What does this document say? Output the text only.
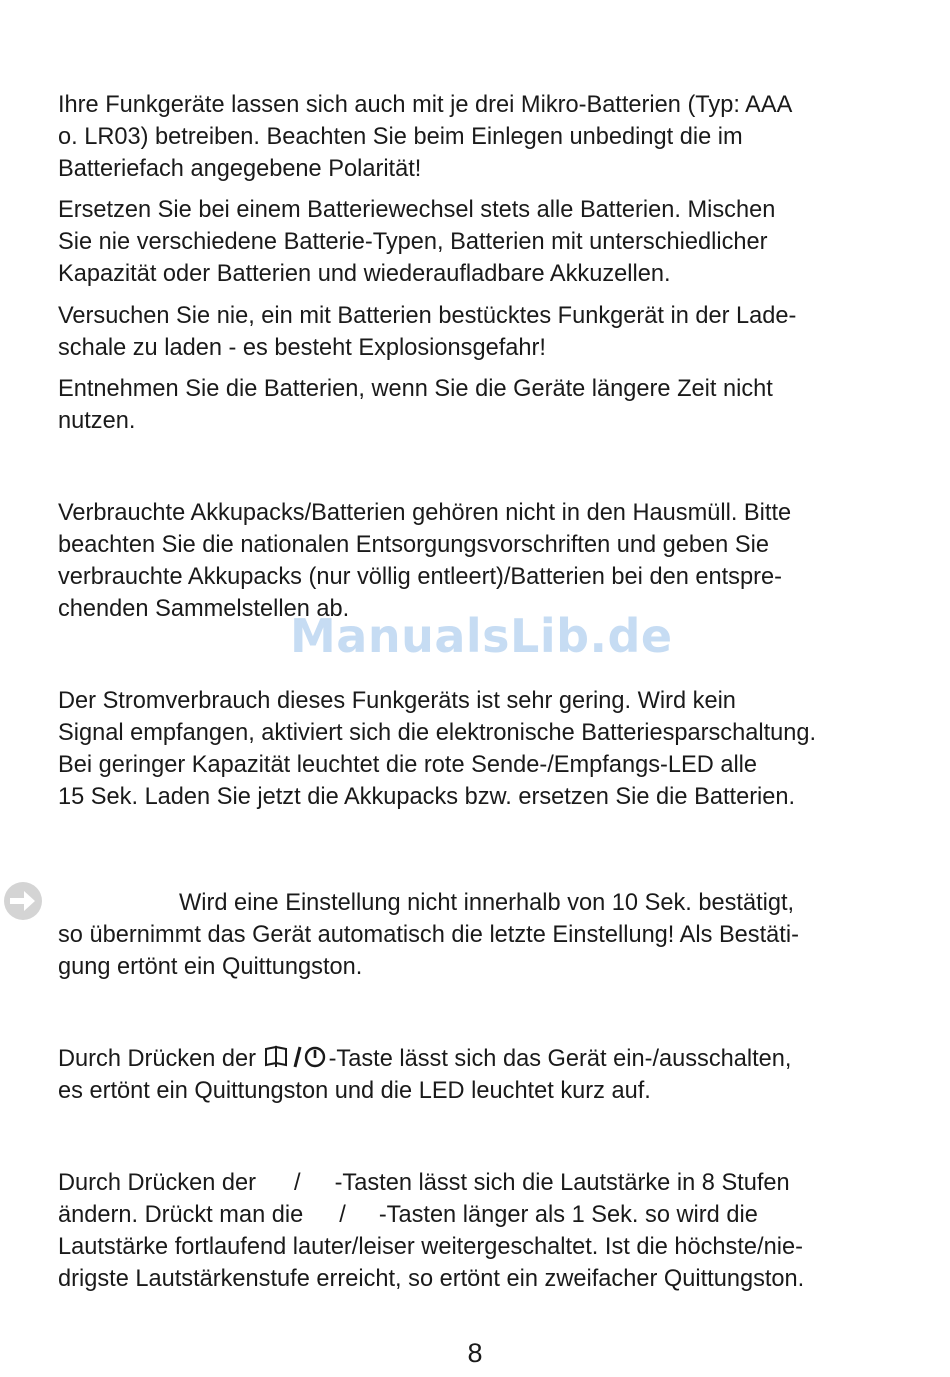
Ihre Funkgeräte lassen sich auch mit je drei Mikro-Batterien (Typ: AAA
o. LR03) betreiben. Beachten Sie beim Einlegen unbedingt die im
Batteriefach angegebene Polarität!

Ersetzen Sie bei einem Batteriewechsel stets alle Batterien. Mischen
Sie nie verschiedene Batterie-Typen, Batterien mit unterschiedlicher
Kapazität oder Batterien und wiederaufladbare Akkuzellen.

Versuchen Sie nie, ein mit Batterien bestücktes Funkgerät in der Lade-
schale zu laden - es besteht Explosionsgefahr!

Entnehmen Sie die Batterien, wenn Sie die Geräte längere Zeit nicht
nutzen.

Verbrauchte Akkupacks/Batterien gehören nicht in den Hausmüll. Bitte
beachten Sie die nationalen Entsorgungsvorschriften und geben Sie
verbrauchte Akkupacks (nur völlig entleert)/Batterien bei den entspre-
chenden Sammelstellen ab.

ManualsLib.de

Der Stromverbrauch dieses Funkgeräts ist sehr gering. Wird kein
Signal empfangen, aktiviert sich die elektronische Batteriesparschaltung.
Bei geringer Kapazität leuchtet die rote Sende-/Empfangs-LED alle
15 Sek. Laden Sie jetzt die Akkupacks bzw. ersetzen Sie die Batterien.

Wird eine Einstellung nicht innerhalb von 10 Sek. bestätigt,
so übernimmt das Gerät automatisch die letzte Einstellung! Als Bestäti-
gung ertönt ein Quittungston.

Durch Drücken der	-Taste lässt sich das Gerät ein-/ausschalten,
es ertönt ein Quittungston und die LED leuchtet kurz auf.

Durch Drücken der / -Tasten lässt sich die Lautstärke in 8 Stufen
ändern. Drückt man die / -Tasten länger als 1 Sek. so wird die
Lautstärke fortlaufend lauter/leiser weitergeschaltet. Ist die höchste/nie-
drigste Lautstärkenstufe erreicht, so ertönt ein zweifacher Quittungston.

8
